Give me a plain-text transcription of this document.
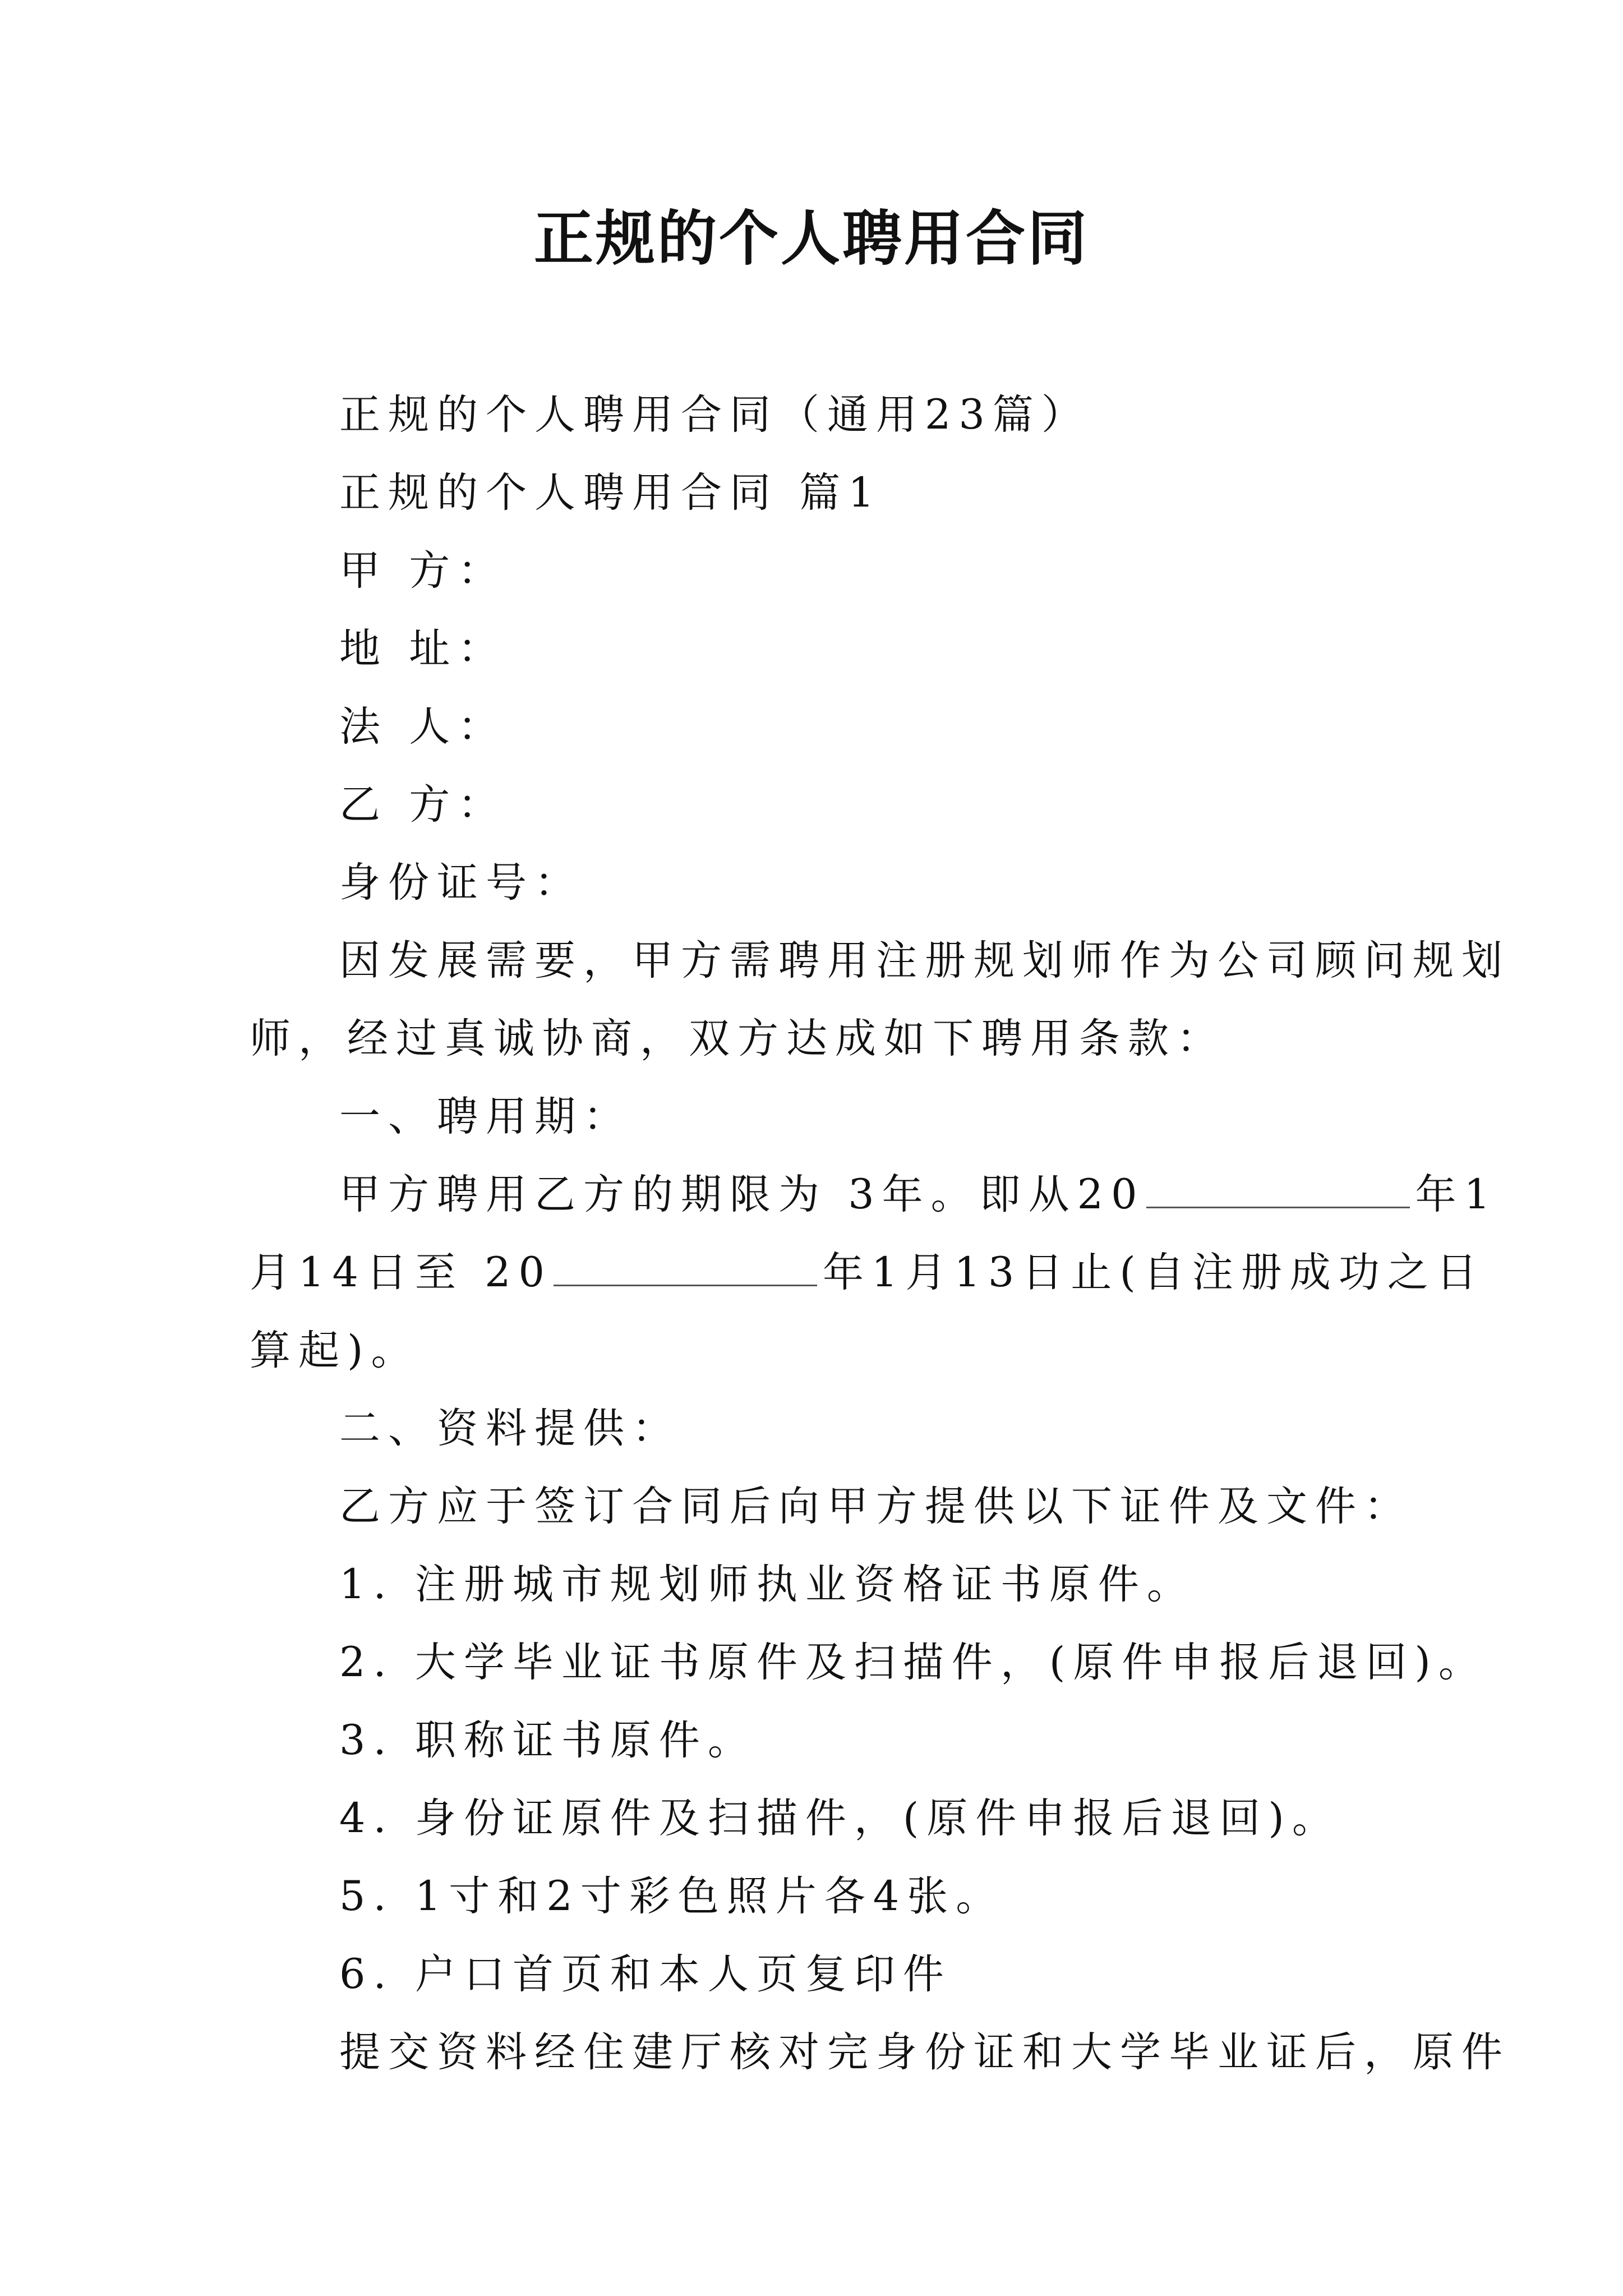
正规的个人聘用合同
正规的个人聘用合同（通用23篇）
正规的个人聘用合同 篇1
甲 方：
地 址：
法 人：
乙 方：
身份证号：
因发展需要，甲方需聘用注册规划师作为公司顾问规划
师，经过真诚协商，双方达成如下聘用条款：
一、聘用期：
甲方聘用乙方的期限为 3年。即从20	年1
月14日至 20	年1月13日止(自注册成功之日
算起)。
二、资料提供：
乙方应于签订合同后向甲方提供以下证件及文件：
1. 注册城市规划师执业资格证书原件。
2. 大学毕业证书原件及扫描件，(原件申报后退回)。
3. 职称证书原件。
4. 身份证原件及扫描件，(原件申报后退回)。
5. 1寸和2寸彩色照片各4张。
6. 户口首页和本人页复印件
提交资料经住建厅核对完身份证和大学毕业证后，原件
